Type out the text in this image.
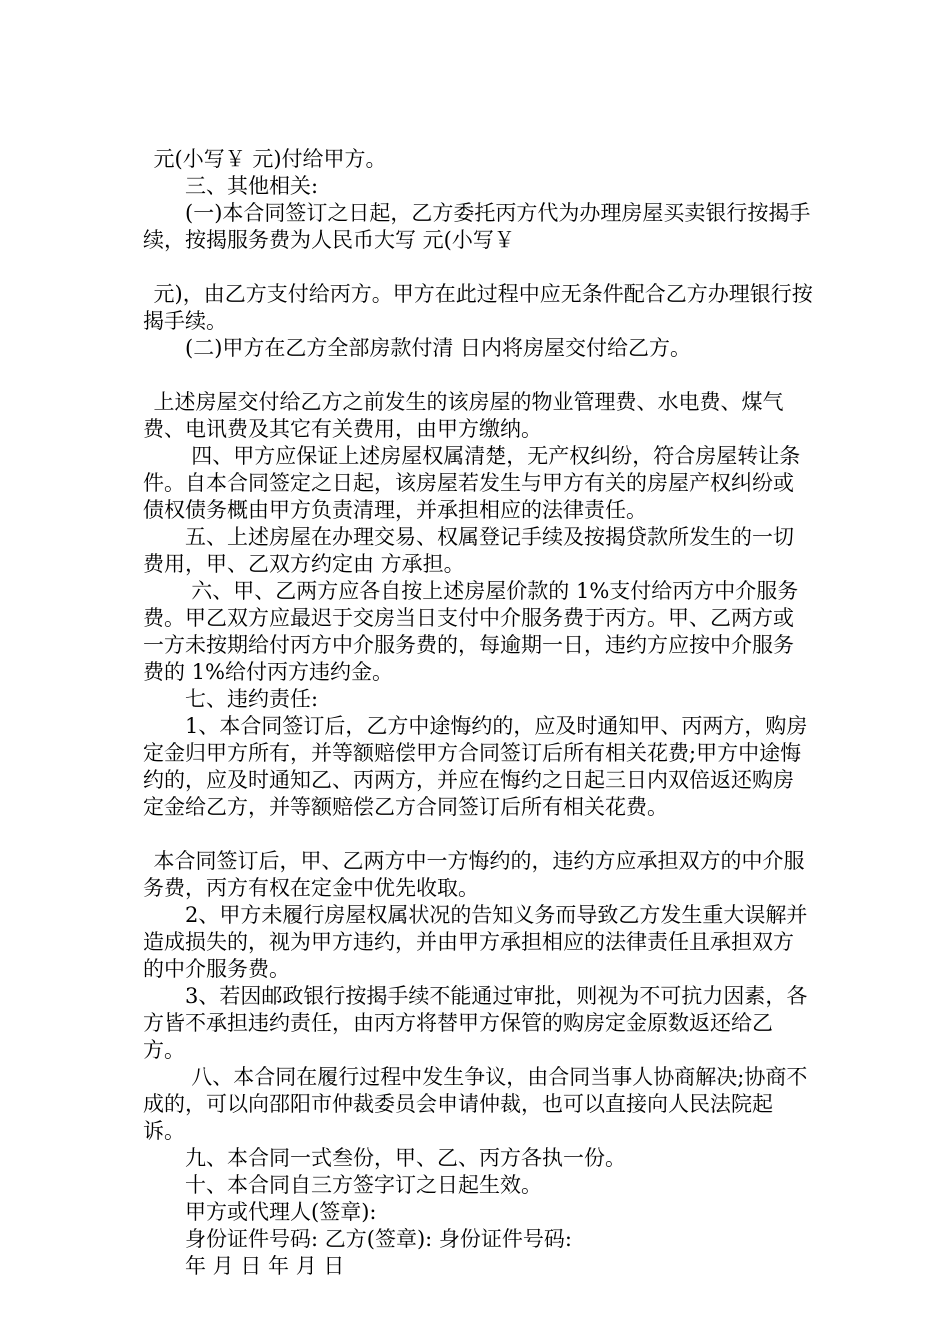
元(小写￥ 元)付给甲方。

三、其他相关:

(一)本合同签订之日起，乙方委托丙方代为办理房屋买卖银行按揭手续，按揭服务费为人民币大写 元(小写￥

元)，由乙方支付给丙方。甲方在此过程中应无条件配合乙方办理银行按揭手续。

(二)甲方在乙方全部房款付清 日内将房屋交付给乙方。

上述房屋交付给乙方之前发生的该房屋的物业管理费、水电费、煤气费、电讯费及其它有关费用，由甲方缴纳。

四、甲方应保证上述房屋权属清楚，无产权纠纷，符合房屋转让条件。自本合同签定之日起，该房屋若发生与甲方有关的房屋产权纠纷或债权债务概由甲方负责清理，并承担相应的法律责任。

五、上述房屋在办理交易、权属登记手续及按揭贷款所发生的一切费用，甲、乙双方约定由 方承担。

六、甲、乙两方应各自按上述房屋价款的 1%支付给丙方中介服务费。甲乙双方应最迟于交房当日支付中介服务费于丙方。甲、乙两方或一方未按期给付丙方中介服务费的，每逾期一日，违约方应按中介服务费的 1%给付丙方违约金。

七、违约责任:

1、本合同签订后，乙方中途悔约的，应及时通知甲、丙两方，购房定金归甲方所有，并等额赔偿甲方合同签订后所有相关花费;甲方中途悔约的，应及时通知乙、丙两方，并应在悔约之日起三日内双倍返还购房定金给乙方，并等额赔偿乙方合同签订后所有相关花费。

本合同签订后，甲、乙两方中一方悔约的，违约方应承担双方的中介服务费，丙方有权在定金中优先收取。

2、甲方未履行房屋权属状况的告知义务而导致乙方发生重大误解并造成损失的，视为甲方违约，并由甲方承担相应的法律责任且承担双方的中介服务费。

3、若因邮政银行按揭手续不能通过审批，则视为不可抗力因素，各方皆不承担违约责任，由丙方将替甲方保管的购房定金原数返还给乙方。

八、本合同在履行过程中发生争议，由合同当事人协商解决;协商不成的，可以向邵阳市仲裁委员会申请仲裁，也可以直接向人民法院起诉。

九、本合同一式叁份，甲、乙、丙方各执一份。

十、本合同自三方签字订之日起生效。

甲方或代理人(签章):

身份证件号码: 乙方(签章): 身份证件号码:

年 月 日 年 月 日
